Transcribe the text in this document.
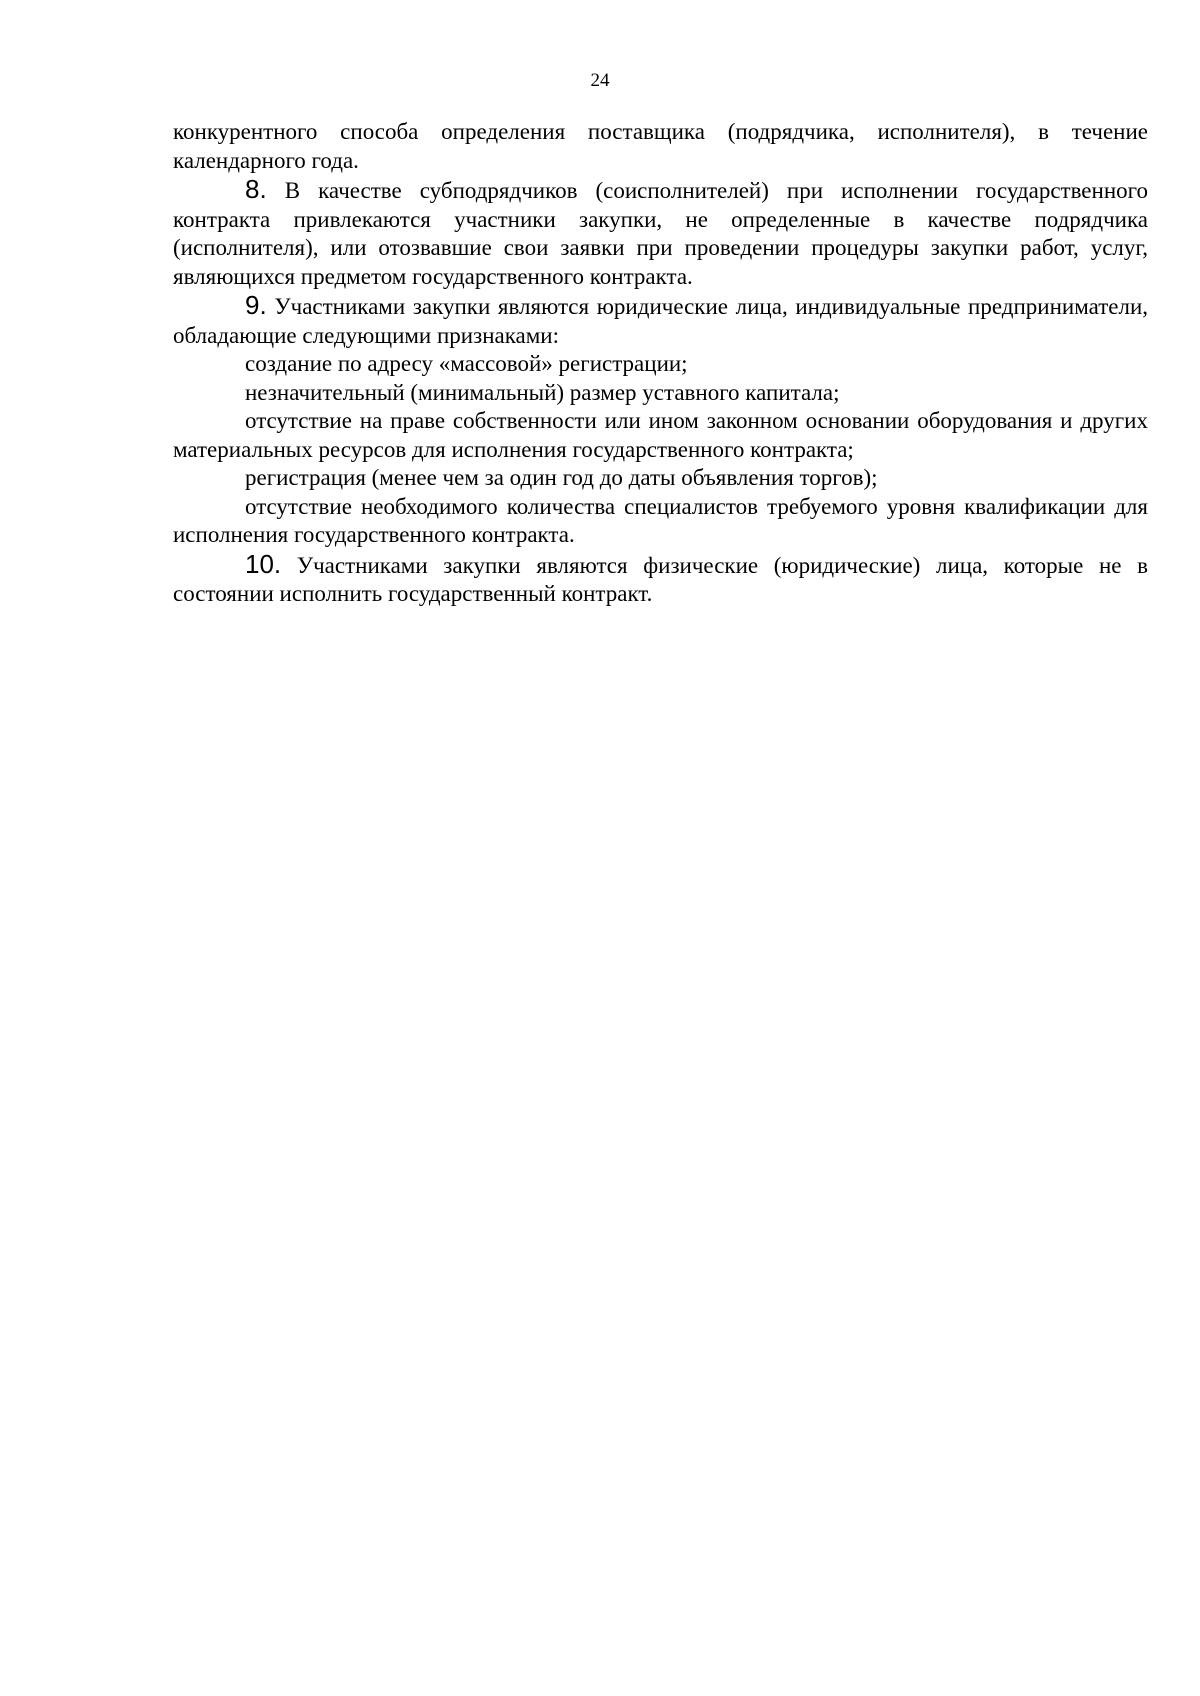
24

конкурентного способа определения поставщика (подрядчика, исполнителя), в течение календарного года.

8. В качестве субподрядчиков (соисполнителей) при исполнении государственного контракта привлекаются участники закупки, не определенные в качестве подрядчика (исполнителя), или отозвавшие свои заявки при проведении процедуры закупки работ, услуг, являющихся предметом государственного контракта.

9. Участниками закупки являются юридические лица, индивидуальные предприниматели, обладающие следующими признаками:

создание по адресу «массовой» регистрации;

незначительный (минимальный) размер уставного капитала;

отсутствие на праве собственности или ином законном основании оборудования и других материальных ресурсов для исполнения государственного контракта;

регистрация (менее чем за один год до даты объявления торгов);

отсутствие необходимого количества специалистов требуемого уровня квалификации для исполнения государственного контракта.

10. Участниками закупки являются физические (юридические) лица, которые не в состоянии исполнить государственный контракт.
